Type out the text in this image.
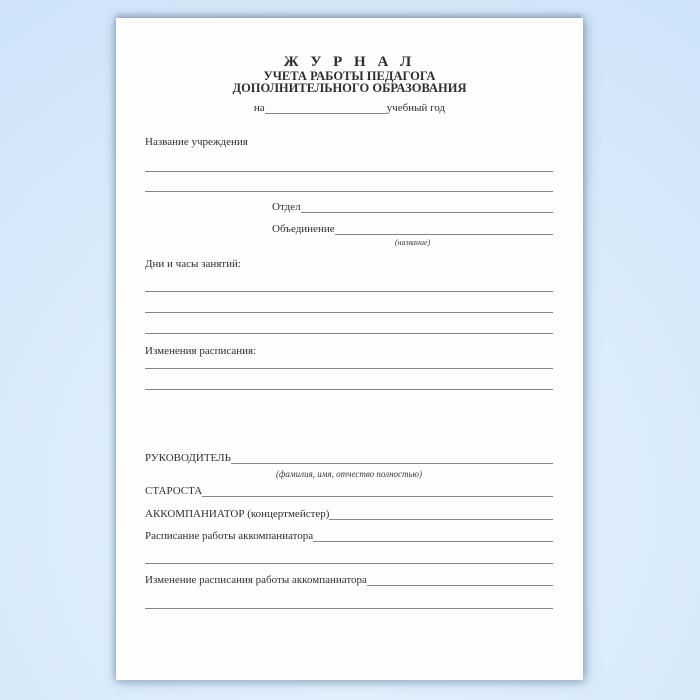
Ж У Р Н А Л
УЧЕТА РАБОТЫ ПЕДАГОГА
ДОПОЛНИТЕЛЬНОГО ОБРАЗОВАНИЯ
на	учебный год
Название учреждения
Отдел
Объединение
(название)
Дни и часы занятий:
Изменения расписания:
РУКОВОДИТЕЛЬ
(фамилия, имя, отчество полностью)
СТАРОСТА
АККОМПАНИАТОР (концертмейстер)
Расписание работы аккомпаниатора
Изменение расписания работы аккомпаниатора
